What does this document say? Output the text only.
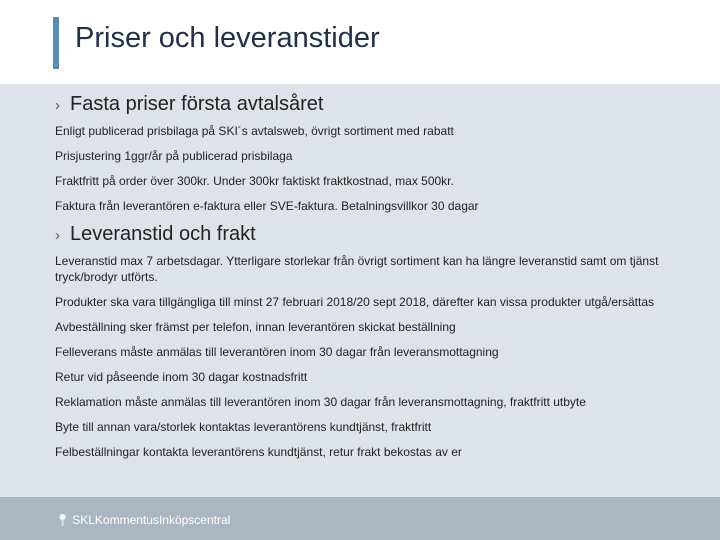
Priser och leveranstider
› Fasta priser första avtalsåret

Enligt publicerad prisbilaga på SKI´s avtalsweb, övrigt sortiment med rabatt

Prisjustering 1ggr/år på publicerad prisbilaga

Fraktfritt på order över 300kr. Under 300kr faktiskt fraktkostnad, max 500kr.

Faktura från leverantören e-faktura eller SVE-faktura. Betalningsvillkor 30 dagar

› Leveranstid och frakt

Leveranstid max 7 arbetsdagar. Ytterligare storlekar från övrigt sortiment kan ha längre leveranstid samt om tjänst tryck/brodyr utförts.

Produkter ska vara tillgängliga till minst 27 februari 2018/20 sept 2018, därefter kan vissa produkter utgå/ersättas

Avbeställning sker främst per telefon, innan leverantören skickat beställning

Felleverans måste anmälas till leverantören inom 30 dagar från leveransmottagning

Retur vid påseende inom 30 dagar kostnadsfritt

Reklamation måste anmälas till leverantören inom 30 dagar från leveransmottagning, fraktfritt utbyte

Byte till annan vara/storlek kontaktas leverantörens kundtjänst, fraktfritt

Felbeställningar kontakta leverantörens kundtjänst, retur frakt bekostas av er

📍︎ SKLKommentusInköpscentral
